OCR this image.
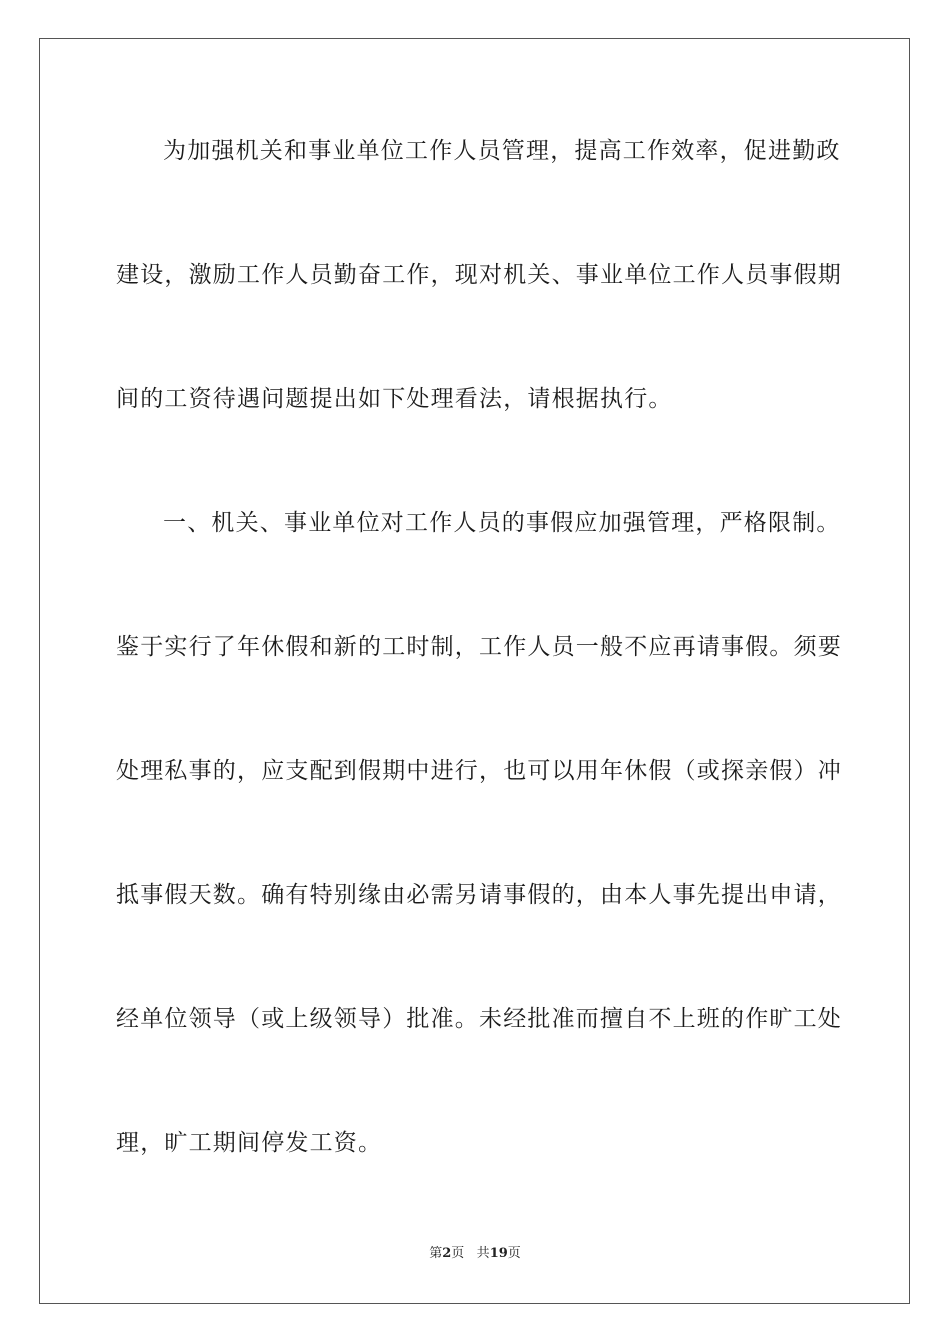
为加强机关和事业单位工作人员管理，提高工作效率，促进勤政
建设，激励工作人员勤奋工作，现对机关、事业单位工作人员事假期
间的工资待遇问题提出如下处理看法，请根据执行。
一、机关、事业单位对工作人员的事假应加强管理，严格限制。
鉴于实行了年休假和新的工时制，工作人员一般不应再请事假。须要
处理私事的，应支配到假期中进行，也可以用年休假（或探亲假）冲
抵事假天数。确有特别缘由必需另请事假的，由本人事先提出申请，
经单位领导（或上级领导）批准。未经批准而擅自不上班的作旷工处
理，旷工期间停发工资。
第2页 共19页
